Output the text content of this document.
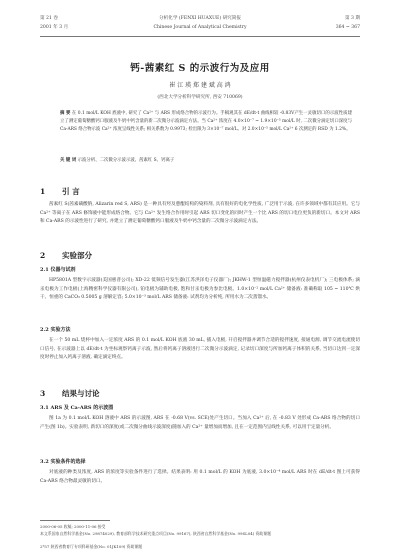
第 21 卷
2001 年 3 月
分析化学 (FENXI HUAXUE) 研究简报
Chinese Journal of Analytical Chemistry
第 3 期
364 ~ 367
钙-茜素红 S 的示波行为及应用
崔 江 瑛 郑 建 斌 高 鸿
(西北大学分析科学研究所, 西安 710069)
摘 要 在 0.1 mol/L KOH 底液中, 研究了 Ca²⁺ 与 ARS 形成络合物的示波行为。手稿观其在 dE/dt-t 曲线相较 -0.83V产生一灵敏切口的示波性质建立了测定葡萄糖酸钙口服液及牛奶中钙含量的新二次微分示波滴定方法。当 Ca²⁺ 浓度在 4.0×10⁻⁷ ~ 1.9×10⁻⁵ mol/L 时, 二次微分滴定切口深度与 Ca-ARS 络合物示波 Ca²⁺ 浓度呈线性关系; 相关系数为 0.9973; 检出限为 3×10⁻⁷ mol/L。对 2.0×10⁻⁵ mol/L Ca²⁺ 6 次测定的 RSD 为 1.2%。
关 键 词 示波分析、二次微分示波示波、茜素红 S、钙离子
1 引 言
茜素红 S(茜素磺酸钠, Alizarin red S, ARS) 是一种具有羟及蒽醌结构的染料剂, 具有很好的电化学性质, 广泛用于示波, 在许多领域中都有其应用。它与 Ca²⁺ 等离子在 ARS 修饰液中能形成络合物。它与 Ca²⁺ 发生络合作用时引起 ARS 切口变化的同时产生一个比 ARS 的切口电位更负的新切口。本文对 ARS 和 Ca-ARS 的示波性进行了研究, 并建立了测定葡萄糖酸钙口服液及牛奶中钙含量的二次微分示波滴定方法。
2 实验部分
2.1 仪器与试剂
HP5801A 型数字示波器(美国惠普公司); XD-22 低频信号发生器(江苏洪泽电子仪器厂); JKHW-1 型恒温磁力搅拌器(杭州仪表电机厂); 三电极体系; 滴汞电极为工作电极(上海精密科学仪器有限公司), 铂电极为辅助电极, 饱和甘汞电极为参比电极。1.0×10⁻² mol/L Ca²⁺ 储备液: 准确称取 105 ~ 110℃ 烘干、恒重的 CaCO₃ 0.5005 g 溶解定容; 5.0×10⁻³ mol/L ARS 储备液: 试剂均为分析纯, 所用水为二次蒸馏水。
2.2 实验方法
在一个 50 mL 烧杯中加入一定浓度 ARS 的 0.1 mol/L KOH 底液 30 mL, 插入电极, 开启搅拌器并调节合适的搅拌速度, 接通电源, 调节交流电流使切口信号, 在示波器上以 dE/dt-t 为坐标观察钙离子示波, 然后将钙离子溶液进行二次微分示波滴定, 记录切口深度与所加钙离子体积的关系, 当切口达到一定深度时停止加入钙离子溶液, 确定滴定终点。
3 结果与讨论
3.1 ARS 及 Ca-ARS 的示波图
图 1a 为 0.1 mol/L KOH 溶液中 ARS 的示波图, ARS 在 -0.68 V(vs. SCE)处产生切口。当加入 Ca²⁺ 后, 在 -0.83 V 处形成 Ca-ARS 络合物的切口产生(图 1b)。实验表明, 新切口的深度(或二次微分曲线示波深度)随加入的 Ca²⁺ 量增加而增加, 且在一定范围内呈线性关系, 可以用于定量分析。
3.2 实验条件的选择
对底液的种类及浓度, ARS 的浓度等实验条件进行了选择。结果表明: 用 0.1 mol/L 的 KOH 为底液, 3.0×10⁻⁴ mol/L ARS 时在 dE/dt-t 图上可获得 Ca-ARS 络合物最灵敏的切口。
2000-06-05 收稿; 2000-11-06 接受
本文系国家自然科学基金(No. 29874029), 教育部科学技术研究重点项目(No. 99167), 陕西省自然科学基金(No. 99SL04) 资助课题
2*57 陕西省教育厅专项科研基金(No. 01JK109) 资助课题
